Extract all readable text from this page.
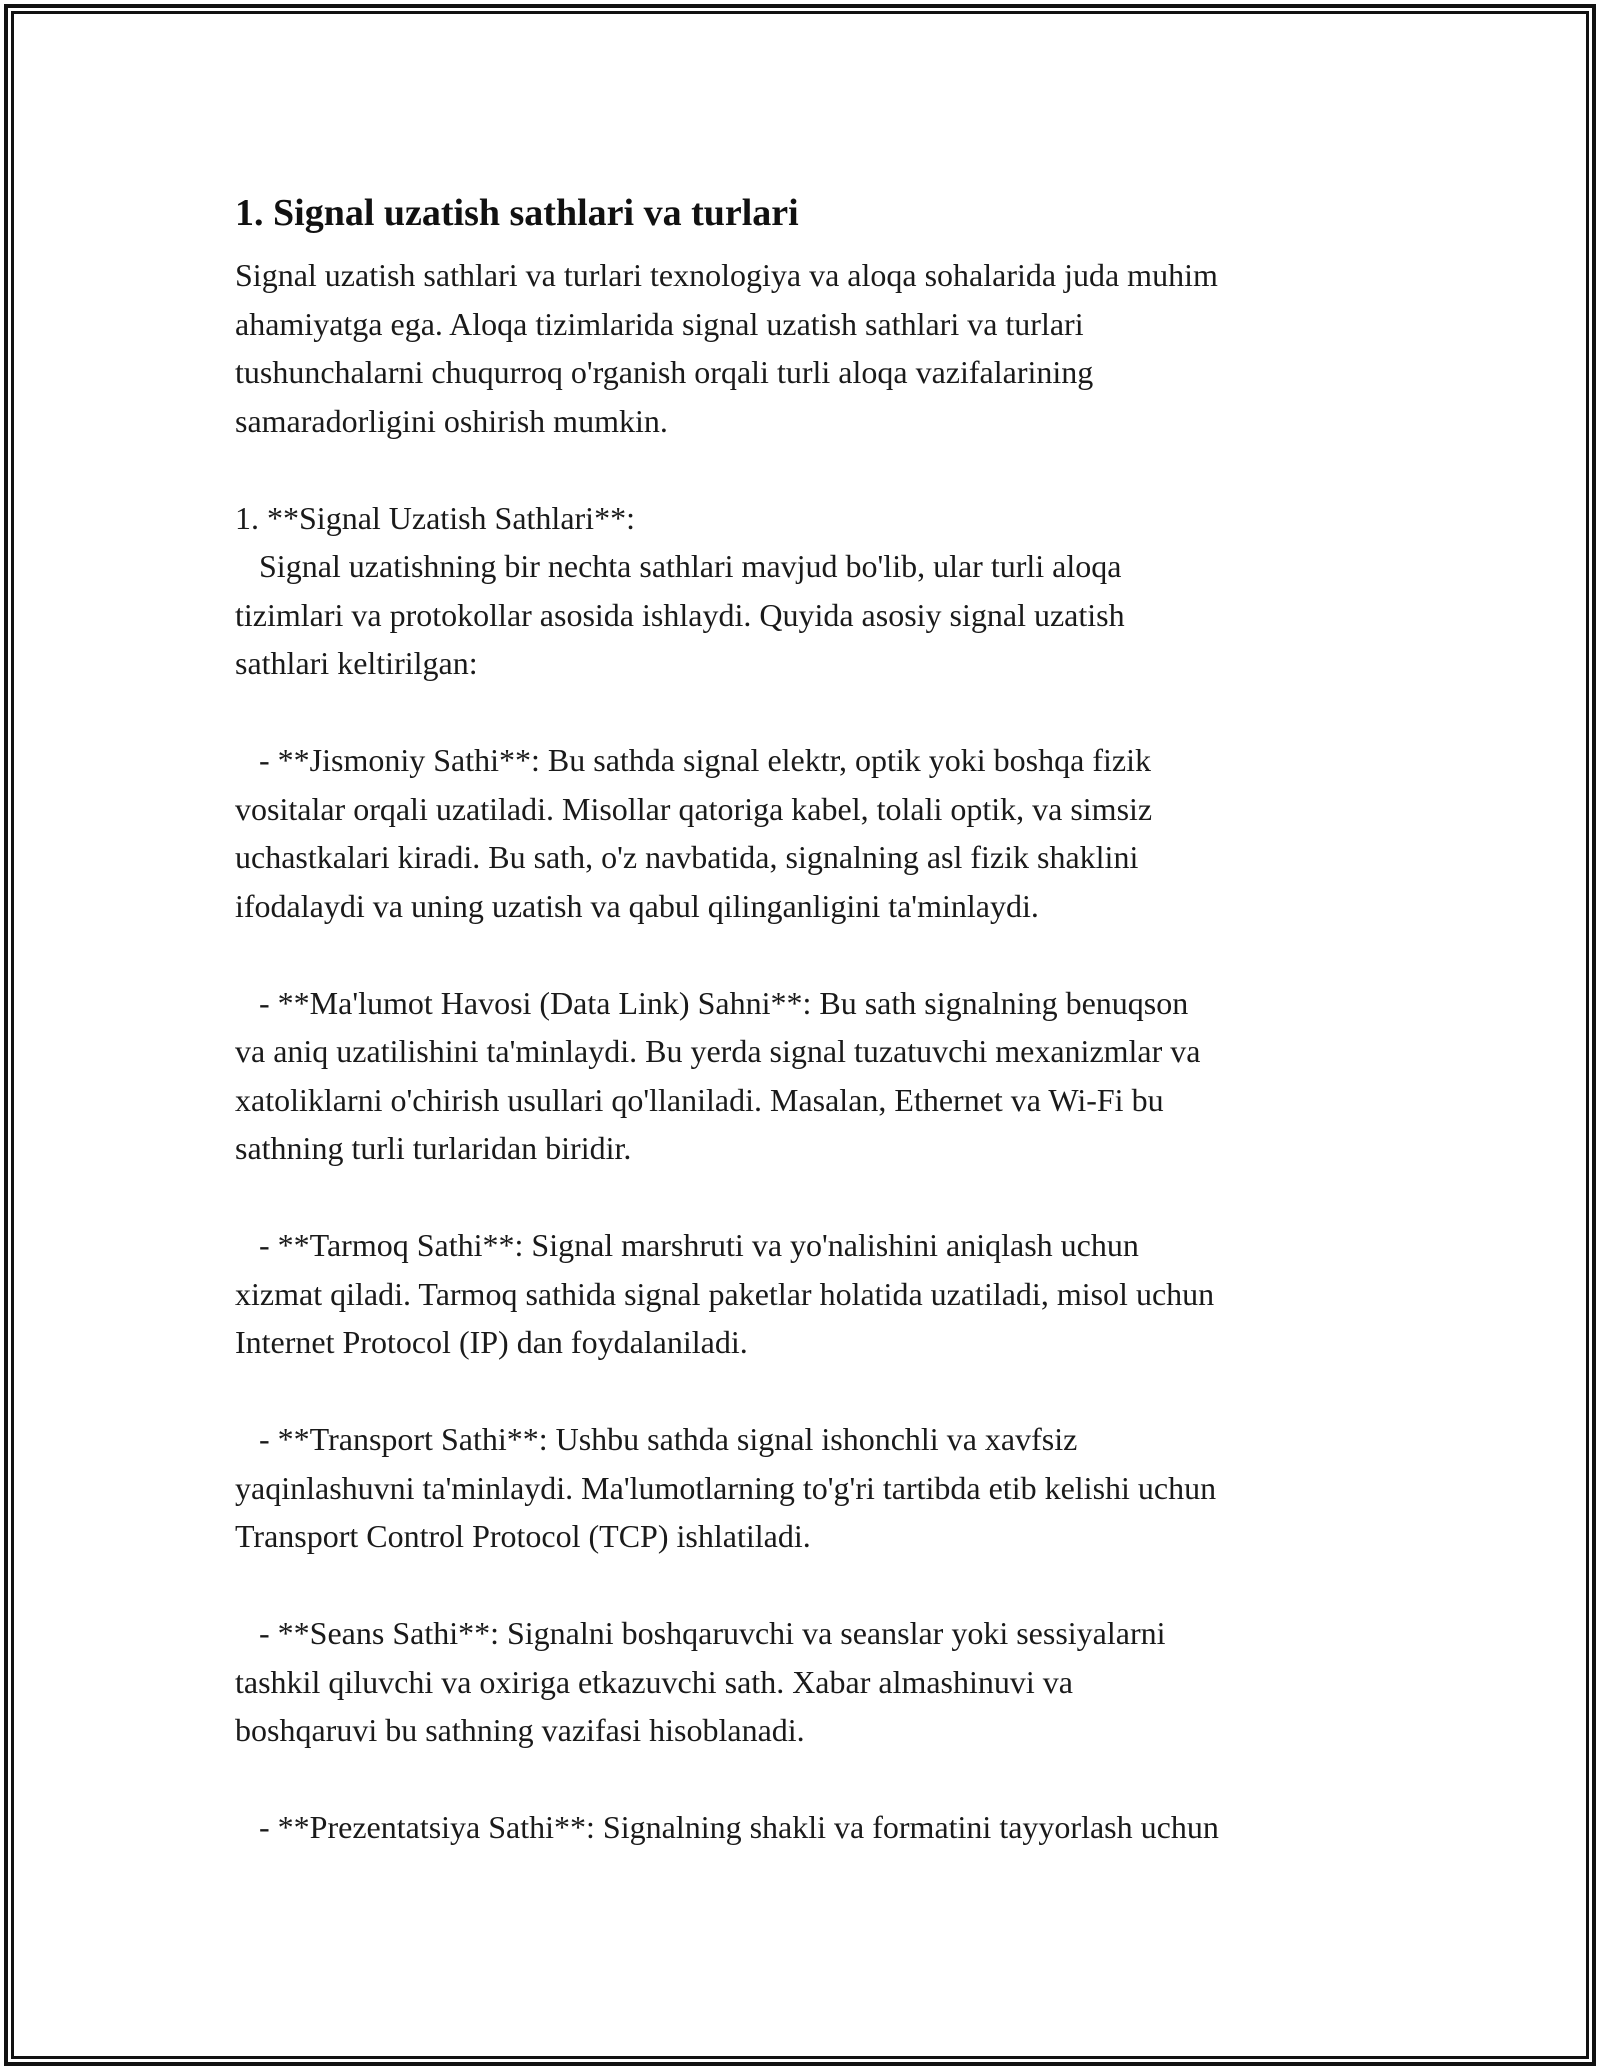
1. Signal uzatish sathlari va turlari

Signal uzatish sathlari va turlari texnologiya va aloqa sohalarida juda muhim
ahamiyatga ega. Aloqa tizimlarida signal uzatish sathlari va turlari
tushunchalarni chuqurroq o'rganish orqali turli aloqa vazifalarining
samaradorligini oshirish mumkin.

1. **Signal Uzatish Sathlari**:

Signal uzatishning bir nechta sathlari mavjud bo'lib, ular turli aloqa
tizimlari va protokollar asosida ishlaydi. Quyida asosiy signal uzatish
sathlari keltirilgan:

- **Jismoniy Sathi**: Bu sathda signal elektr, optik yoki boshqa fizik
vositalar orqali uzatiladi. Misollar qatoriga kabel, tolali optik, va simsiz
uchastkalari kiradi. Bu sath, o'z navbatida, signalning asl fizik shaklini
ifodalaydi va uning uzatish va qabul qilinganligini ta'minlaydi.

- **Ma'lumot Havosi (Data Link) Sahni**: Bu sath signalning benuqson
va aniq uzatilishini ta'minlaydi. Bu yerda signal tuzatuvchi mexanizmlar va
xatoliklarni o'chirish usullari qo'llaniladi. Masalan, Ethernet va Wi-Fi bu
sathning turli turlaridan biridir.

- **Tarmoq Sathi**: Signal marshruti va yo'nalishini aniqlash uchun
xizmat qiladi. Tarmoq sathida signal paketlar holatida uzatiladi, misol uchun
Internet Protocol (IP) dan foydalaniladi.

- **Transport Sathi**: Ushbu sathda signal ishonchli va xavfsiz
yaqinlashuvni ta'minlaydi. Ma'lumotlarning to'g'ri tartibda etib kelishi uchun
Transport Control Protocol (TCP) ishlatiladi.

- **Seans Sathi**: Signalni boshqaruvchi va seanslar yoki sessiyalarni
tashkil qiluvchi va oxiriga etkazuvchi sath. Xabar almashinuvi va
boshqaruvi bu sathning vazifasi hisoblanadi.

- **Prezentatsiya Sathi**: Signalning shakli va formatini tayyorlash uchun
